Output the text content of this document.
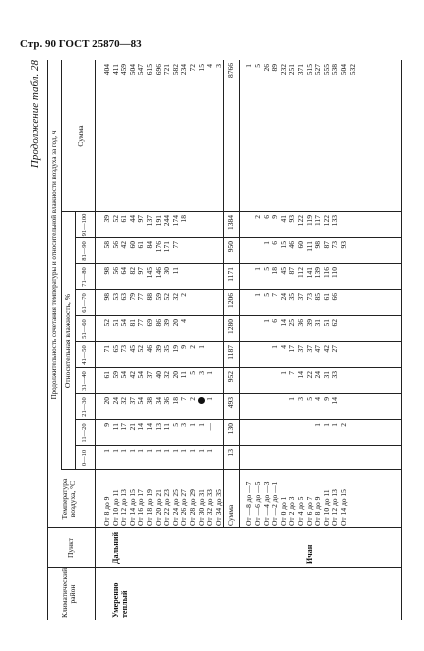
Стр. 90 ГОСТ 25870—83
Продолжение табл. 28
Климатический район
Пункт
Температура воздуха, °С
Продолжительность сочетания температуры и относительной влажности воздуха за год, ч Относительная влажность, %
0—10
11—20
21—30
31—40
41—50
51—60
61—70
71—80
81—90
91—100
Сумма
Умеренно теплый
Дальний
От 8 до 9 От 10 до 11 От 12 до 13 От 14 до 15 От 16 до 17 От 18 до 19 От 20 до 21 От 22 до 23 От 24 до 25 От 26 до 27 От 28 до 29 От 30 до 31 От 32 до 33 От 34 до 35
1 1 1 1 1 1 1 1 1 1 1 1 1
9 11 17 21 14 14 13 11 5 3 1 1 —
20 24 32 37 54 38 34 36 18 7 2 1
61 59 54 42 54 37 40 32 20 11 5 3 1
71 65 73 45 52 46 39 35 19 9 2 1
52 51 54 81 77 69 86 39 20 4
98 53 63 79 77 88 59 52 32 2
98 56 64 82 97 145 146 30 11
58 56 42 60 61 84 176 171 77
39 52 61 44 97 137 191 244 174 18
404 411 459 504 547 615 696 721 582 234 72 15 4 3
Сумма
13
130
493
952
1187
1280
1206
1171
950
1384
8766
Ичан
От —8 до —7 От —6 до —5 От —4 до —3 От —2 до —1 От 0 до 1 От 2 до 3 От 4 до 5 От 6 до 7 От 8 до 9 От 10 до 11 От 12 до 13 От 14 до 15
1 1 1 2
1 3 5 4 9 14
1 7 14 22 24 31 33
1 4 17 37 37 47 42 27
1 6 14 25 36 39 31 51 62
1 5 7 24 35 37 73 85 61 66
1 5 18 45 87 112 141 139 116 110
1 6 15 46 60 111 98 87 73 93
2 6 9 41 93 122 119 117 122 133
1 5 26 89 232 251 371 515 527 555 538 504 532
